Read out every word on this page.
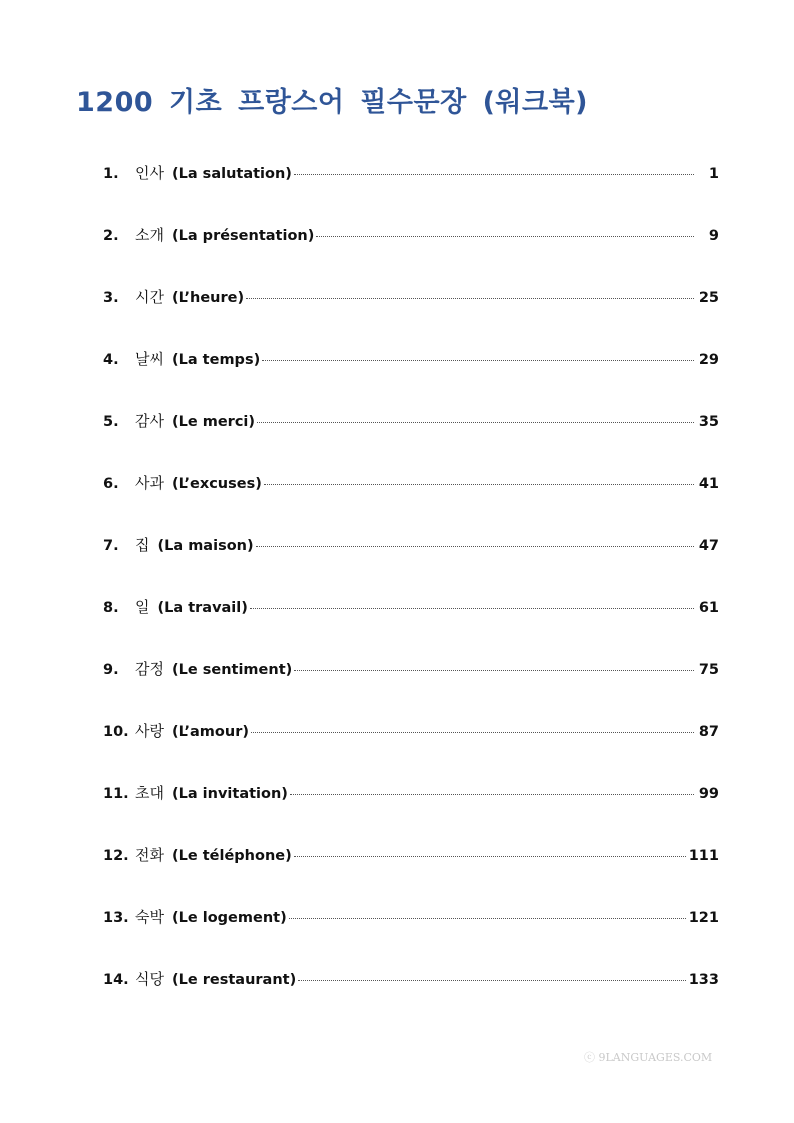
1200 기초 프랑스어 필수문장 (워크북)
1.	인사 (La salutation)	1
2.	소개 (La présentation)	9
3.	시간 (L’heure)	25
4.	날씨 (La temps)	29
5.	감사 (Le merci)	35
6.	사과 (L’excuses)	41
7.	집 (La maison)	47
8.	일 (La travail)	61
9.	감정 (Le sentiment)	75
10. 사랑 (L’amour)	87
11. 초대 (La invitation)	99
12. 전화 (Le téléphone)	111
13. 숙박 (Le logement)	121
14. 식당 (Le restaurant)	133
ⓒ 9LANGUAGES.COM
